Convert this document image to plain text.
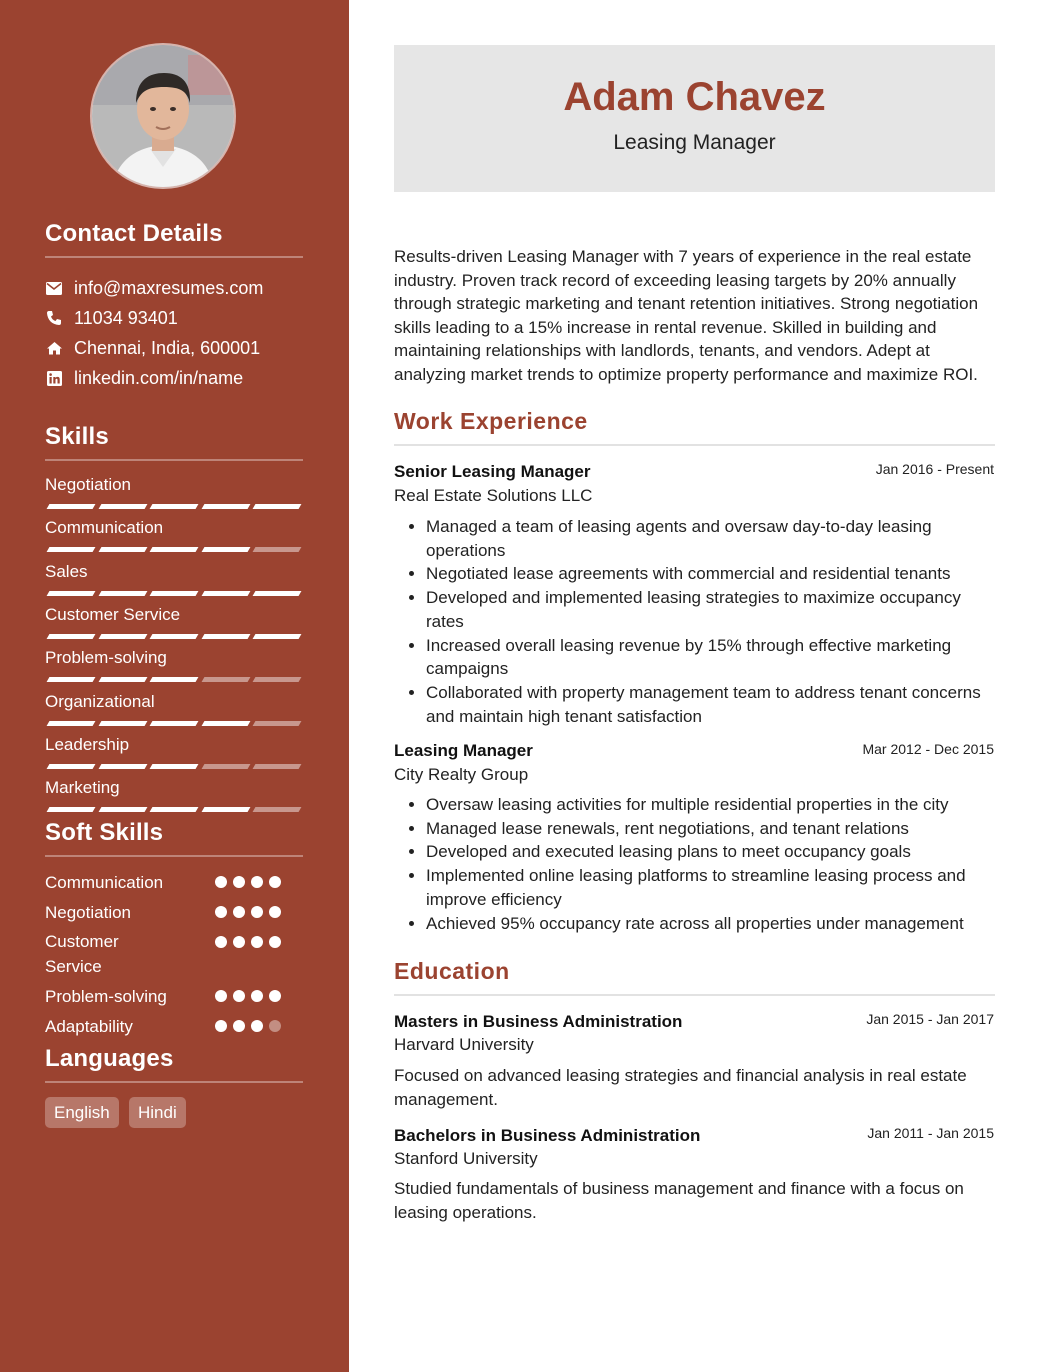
Contact Details
info@maxresumes.com
11034 93401
Chennai, India, 600001
linkedin.com/in/name
Skills
Negotiation
Communication
Sales
Customer Service
Problem-solving
Organizational
Leadership
Marketing
Soft Skills
Communication
Negotiation
Customer Service
Problem-solving
Adaptability
Languages
English	Hindi
Adam Chavez
Leasing Manager
Results-driven Leasing Manager with 7 years of experience in the real estate industry. Proven track record of exceeding leasing targets by 20% annually through strategic marketing and tenant retention initiatives. Strong negotiation skills leading to a 15% increase in rental revenue. Skilled in building and maintaining relationships with landlords, tenants, and vendors. Adept at analyzing market trends to optimize property performance and maximize ROI.
Work Experience
Senior Leasing Manager	Jan 2016 - Present
Real Estate Solutions LLC
• Managed a team of leasing agents and oversaw day-to-day leasing operations
• Negotiated lease agreements with commercial and residential tenants
• Developed and implemented leasing strategies to maximize occupancy rates
• Increased overall leasing revenue by 15% through effective marketing campaigns
• Collaborated with property management team to address tenant concerns and maintain high tenant satisfaction
Leasing Manager	Mar 2012 - Dec 2015
City Realty Group
• Oversaw leasing activities for multiple residential properties in the city
• Managed lease renewals, rent negotiations, and tenant relations
• Developed and executed leasing plans to meet occupancy goals
• Implemented online leasing platforms to streamline leasing process and improve efficiency
• Achieved 95% occupancy rate across all properties under management
Education
Masters in Business Administration	Jan 2015 - Jan 2017
Harvard University
Focused on advanced leasing strategies and financial analysis in real estate management.
Bachelors in Business Administration	Jan 2011 - Jan 2015
Stanford University
Studied fundamentals of business management and finance with a focus on leasing operations.
